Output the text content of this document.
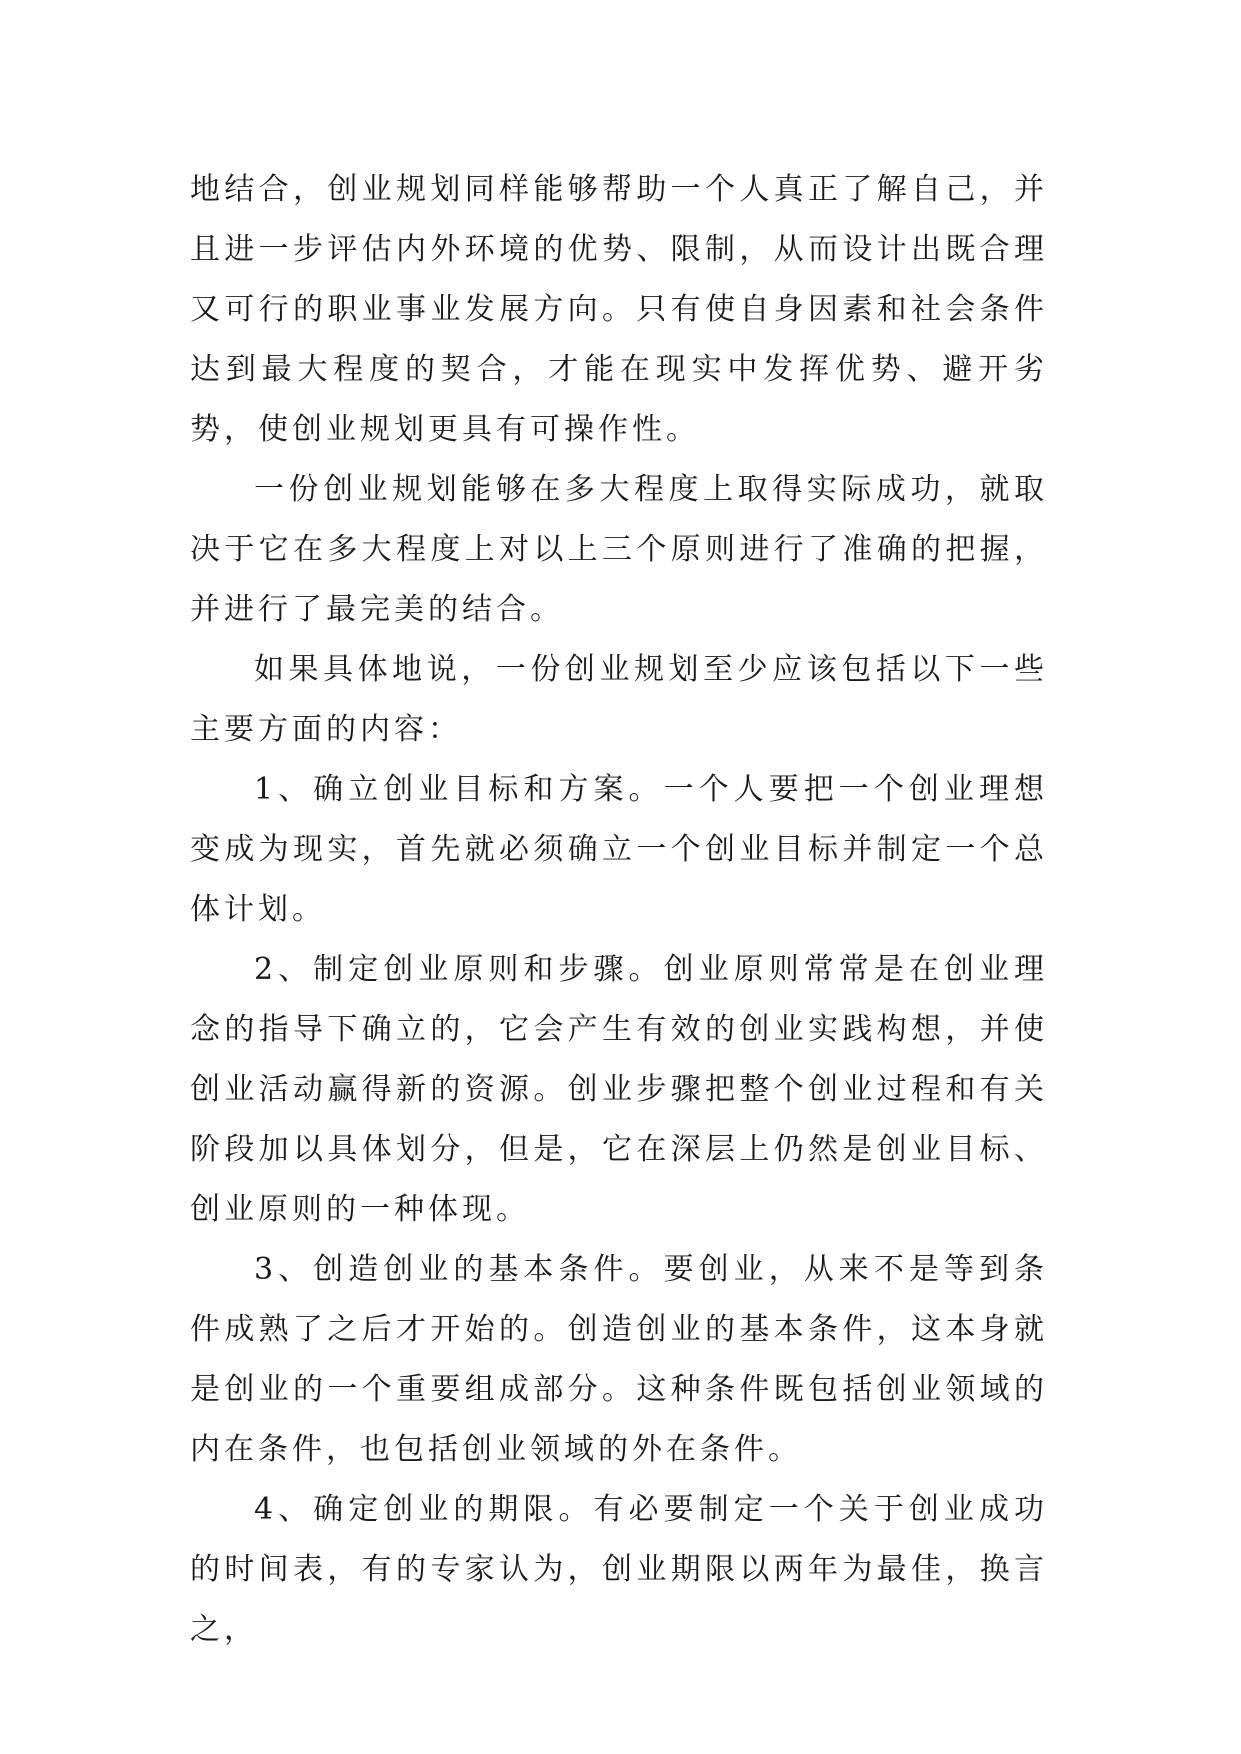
地结合，创业规划同样能够帮助一个人真正了解自己，并且进一步评估内外环境的优势、限制，从而设计出既合理又可行的职业事业发展方向。只有使自身因素和社会条件达到最大程度的契合，才能在现实中发挥优势、避开劣势，使创业规划更具有可操作性。

一份创业规划能够在多大程度上取得实际成功，就取决于它在多大程度上对以上三个原则进行了准确的把握，并进行了最完美的结合。

如果具体地说，一份创业规划至少应该包括以下一些主要方面的内容：

1、确立创业目标和方案。一个人要把一个创业理想变成为现实，首先就必须确立一个创业目标并制定一个总体计划。

2、制定创业原则和步骤。创业原则常常是在创业理念的指导下确立的，它会产生有效的创业实践构想，并使创业活动赢得新的资源。创业步骤把整个创业过程和有关阶段加以具体划分，但是，它在深层上仍然是创业目标、创业原则的一种体现。

3、创造创业的基本条件。要创业，从来不是等到条件成熟了之后才开始的。创造创业的基本条件，这本身就是创业的一个重要组成部分。这种条件既包括创业领域的内在条件，也包括创业领域的外在条件。

4、确定创业的期限。有必要制定一个关于创业成功的时间表，有的专家认为，创业期限以两年为最佳，换言之，
